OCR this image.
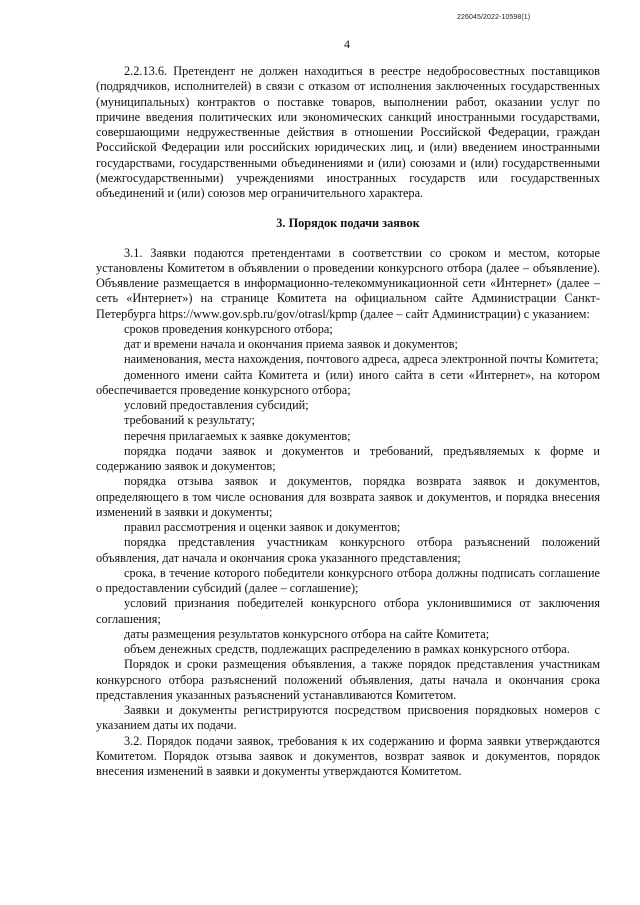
226045/2022-10598(1)
4

2.2.13.6. Претендент не должен находиться в реестре недобросовестных поставщиков (подрядчиков, исполнителей) в связи с отказом от исполнения заключенных государственных (муниципальных) контрактов о поставке товаров, выполнении работ, оказании услуг по причине введения политических или экономических санкций иностранными государствами, совершающими недружественные действия в отношении Российской Федерации, граждан Российской Федерации или российских юридических лиц, и (или) введением иностранными государствами, государственными объединениями и (или) союзами и (или) государственными (межгосударственными) учреждениями иностранных государств или государственных объединений и (или) союзов мер ограничительного характера.

3. Порядок подачи заявок

3.1. Заявки подаются претендентами в соответствии со сроком и местом, которые установлены Комитетом в объявлении о проведении конкурсного отбора (далее – объявление). Объявление размещается в информационно-телекоммуникационной сети «Интернет» (далее – сеть «Интернет») на странице Комитета на официальном сайте Администрации Санкт-Петербурга https://www.gov.spb.ru/gov/otrasl/kpmp (далее – сайт Администрации) с указанием:

сроков проведения конкурсного отбора;

дат и времени начала и окончания приема заявок и документов;

наименования, места нахождения, почтового адреса, адреса электронной почты Комитета;

доменного имени сайта Комитета и (или) иного сайта в сети «Интернет», на котором обеспечивается проведение конкурсного отбора;

условий предоставления субсидий;

требований к результату;

перечня прилагаемых к заявке документов;

порядка подачи заявок и документов и требований, предъявляемых к форме и содержанию заявок и документов;

порядка отзыва заявок и документов, порядка возврата заявок и документов, определяющего в том числе основания для возврата заявок и документов, и порядка внесения изменений в заявки и документы;

правил рассмотрения и оценки заявок и документов;

порядка представления участникам конкурсного отбора разъяснений положений объявления, дат начала и окончания срока указанного представления;

срока, в течение которого победители конкурсного отбора должны подписать соглашение о предоставлении субсидий (далее – соглашение);

условий признания победителей конкурсного отбора уклонившимися от заключения соглашения;

даты размещения результатов конкурсного отбора на сайте Комитета;

объем денежных средств, подлежащих распределению в рамках конкурсного отбора.

Порядок и сроки размещения объявления, а также порядок представления участникам конкурсного отбора разъяснений положений объявления, даты начала и окончания срока представления указанных разъяснений устанавливаются Комитетом.

Заявки и документы регистрируются посредством присвоения порядковых номеров с указанием даты их подачи.

3.2. Порядок подачи заявок, требования к их содержанию и форма заявки утверждаются Комитетом. Порядок отзыва заявок и документов, возврат заявок и документов, порядок внесения изменений в заявки и документы утверждаются Комитетом.
